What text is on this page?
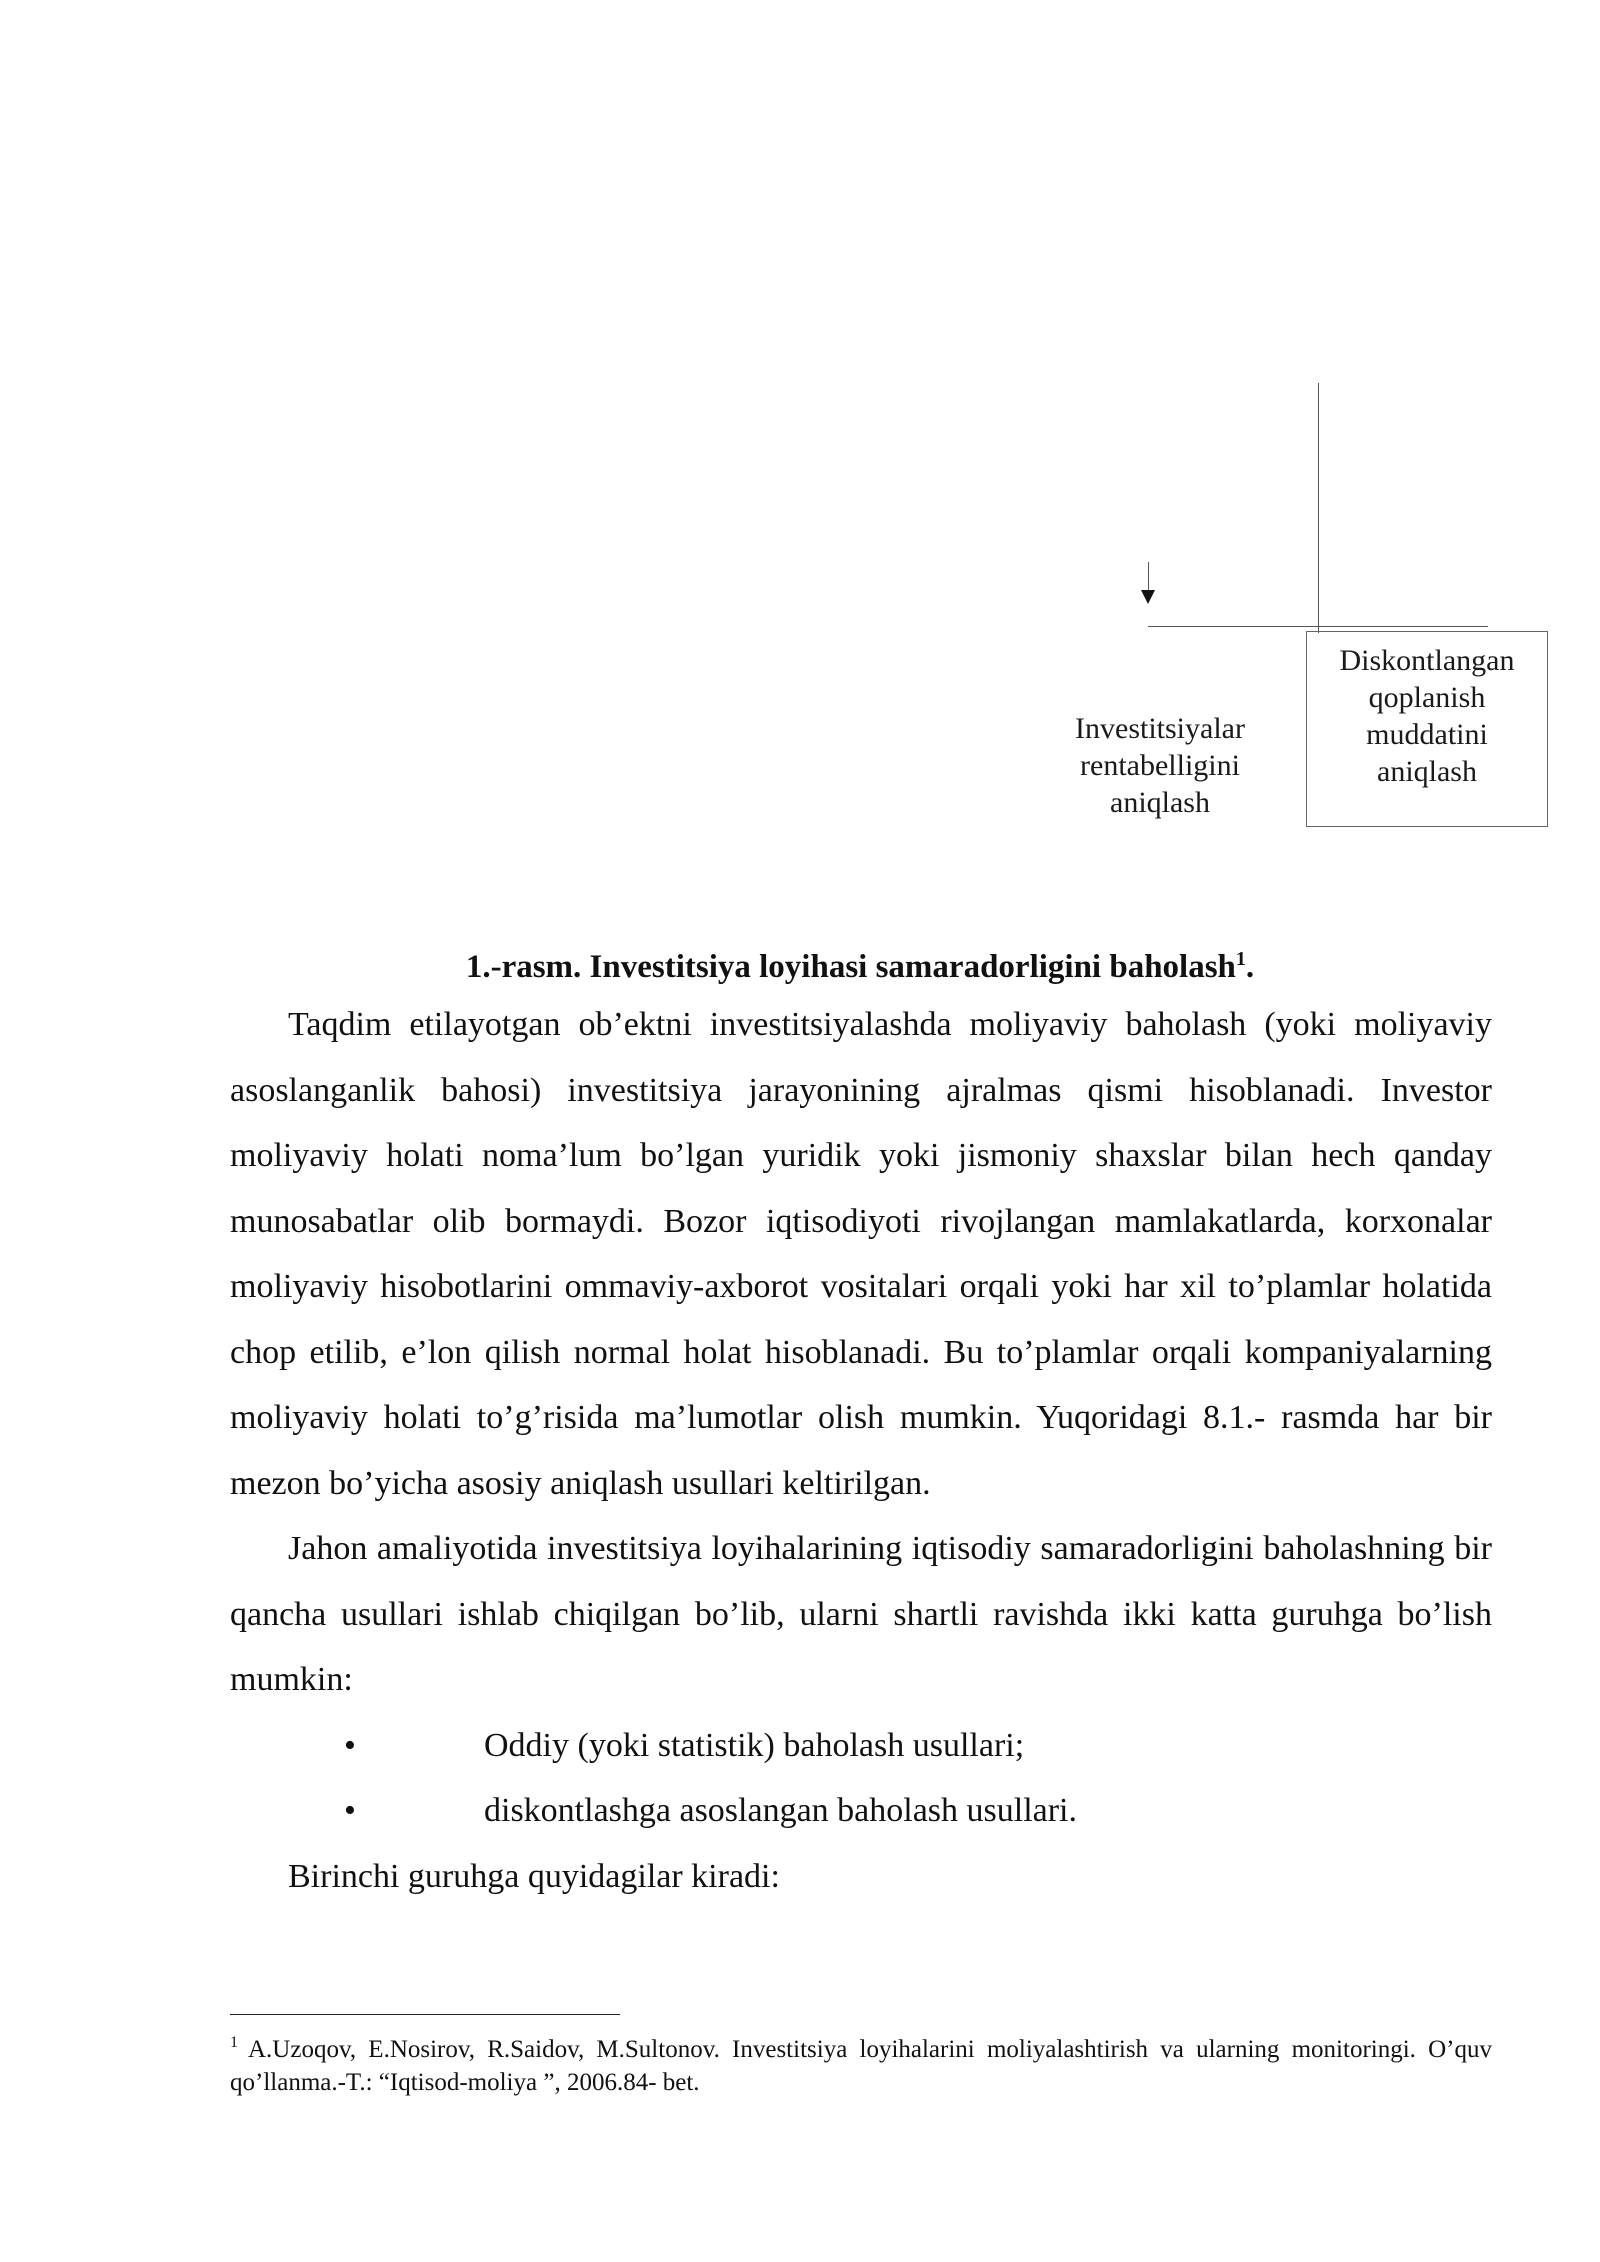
Investitsiyalar
rentabelligini
aniqlash
Diskontlangan
qoplanish
muddatini
aniqlash
1.-rasm. Investitsiya loyihasi samaradorligini baholash$^1$.

Taqdim etilayotgan ob’ektni investitsiyalashda moliyaviy baholash (yoki moliyaviy asoslanganlik bahosi) investitsiya jarayonining ajralmas qismi hisoblanadi. Investor moliyaviy holati noma’lum bo’lgan yuridik yoki jismoniy shaxslar bilan hech qanday munosabatlar olib bormaydi. Bozor iqtisodiyoti rivojlangan mamlakatlarda, korxonalar moliyaviy hisobotlarini ommaviy-axborot vositalari orqali yoki har xil to’plamlar holatida chop etilib, e’lon qilish normal holat hisoblanadi. Bu to’plamlar orqali kompaniyalarning moliyaviy holati to’g’risida ma’lumotlar olish mumkin. Yuqoridagi 8.1.- rasmda har bir mezon bo’yicha asosiy aniqlash usullari keltirilgan.

Jahon amaliyotida investitsiya loyihalarining iqtisodiy samaradorligini baholashning bir qancha usullari ishlab chiqilgan bo’lib, ularni shartli ravishda ikki katta guruhga bo’lish mumkin:

•	Oddiy (yoki statistik) baholash usullari;

•	diskontlashga asoslangan baholash usullari.

Birinchi guruhga quyidagilar kiradi:

$^1$ A.Uzoqov, E.Nosirov, R.Saidov, M.Sultonov. Investitsiya loyihalarini moliyalashtirish va ularning monitoringi. O’quv qo’llanma.-T.: “Iqtisod-moliya ”, 2006.84- bet.
